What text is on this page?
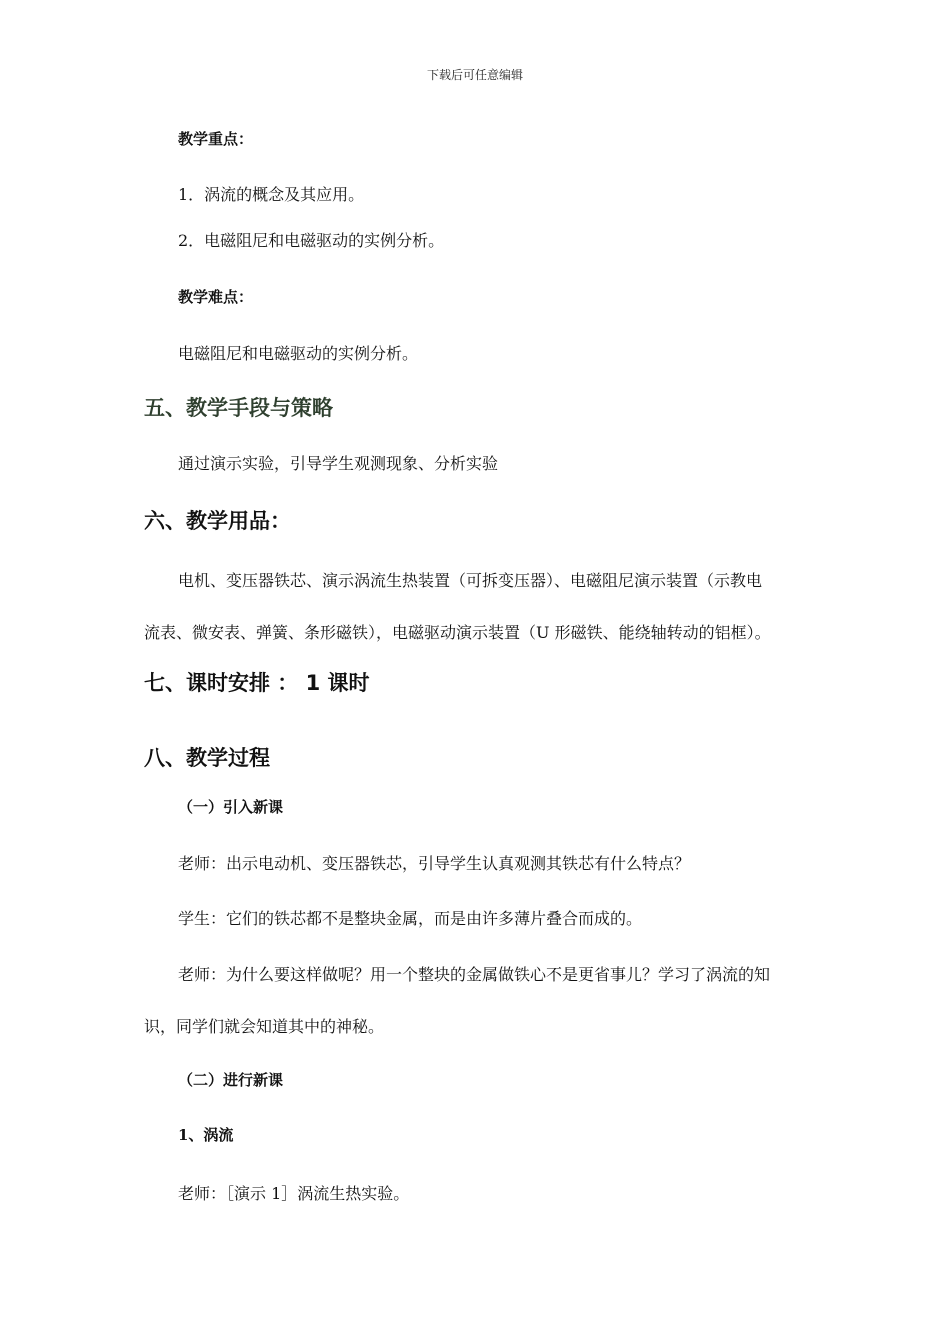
下载后可任意编辑
教学重点：
1．涡流的概念及其应用。
2．电磁阻尼和电磁驱动的实例分析。
教学难点：
电磁阻尼和电磁驱动的实例分析。
五、教学手段与策略
通过演示实验，引导学生观测现象、分析实验
六、教学用品：
电机、变压器铁芯、演示涡流生热装置（可拆变压器）、电磁阻尼演示装置（示教电
流表、微安表、弹簧、条形磁铁），电磁驱动演示装置（U 形磁铁、能绕轴转动的铝框）。
七、课时安排 ： 1 课时
八、教学过程
（一）引入新课
老师：出示电动机、变压器铁芯，引导学生认真观测其铁芯有什么特点？
学生：它们的铁芯都不是整块金属，而是由许多薄片叠合而成的。
老师：为什么要这样做呢？用一个整块的金属做铁心不是更省事儿？学习了涡流的知
识，同学们就会知道其中的神秘。
（二）进行新课
1、涡流
老师：［演示 1］涡流生热实验。
